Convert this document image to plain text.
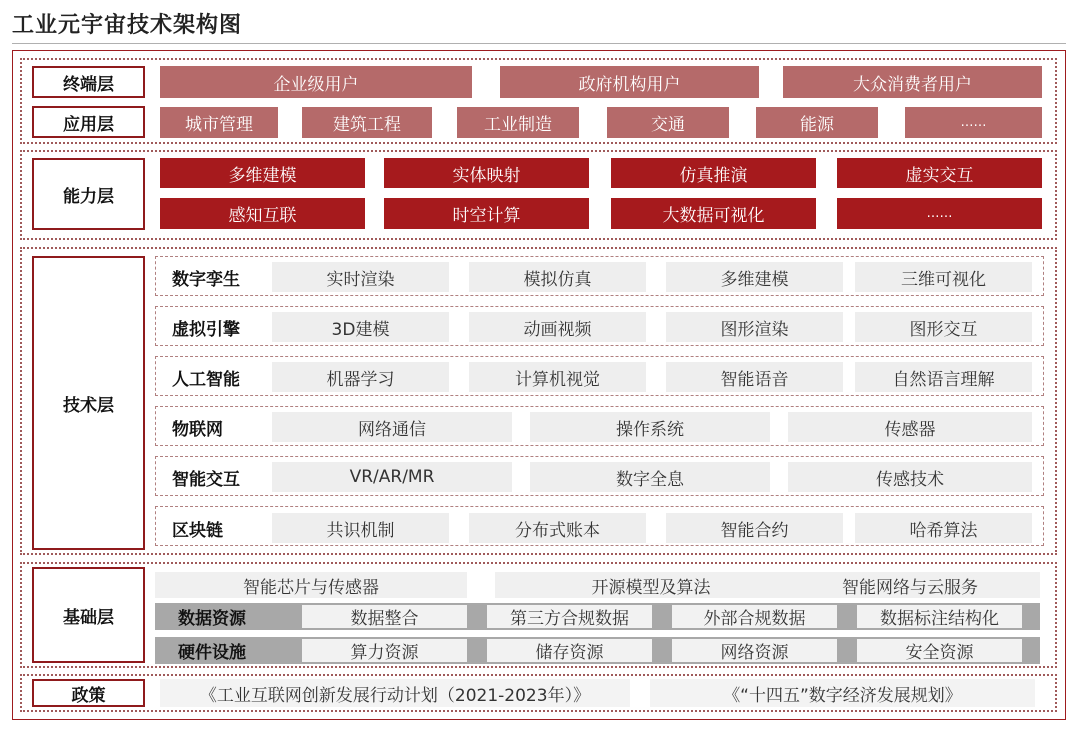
工业元宇宙技术架构图
终端层	企业级用户	政府机构用户	大众消费者用户
应用层	城市管理	建筑工程	工业制造	交通	能源	……
能力层
多维建模	实体映射	仿真推演	虚实交互
感知互联	时空计算	大数据可视化	……
技术层
数字孪生	实时渲染	模拟仿真	多维建模	三维可视化
虚拟引擎	3D建模	动画视频	图形渲染	图形交互
人工智能	机器学习	计算机视觉	智能语音	自然语言理解
物联网	网络通信	操作系统	传感器
智能交互	VR/AR/MR	数字全息	传感技术
区块链	共识机制	分布式账本	智能合约	哈希算法
基础层
智能芯片与传感器	开源模型及算法	智能网络与云服务
数据资源	数据整合	第三方合规数据	外部合规数据	数据标注结构化
硬件设施	算力资源	储存资源	网络资源	安全资源
政策	《工业互联网创新发展行动计划（2021-2023年）》	《“十四五”数字经济发展规划》
